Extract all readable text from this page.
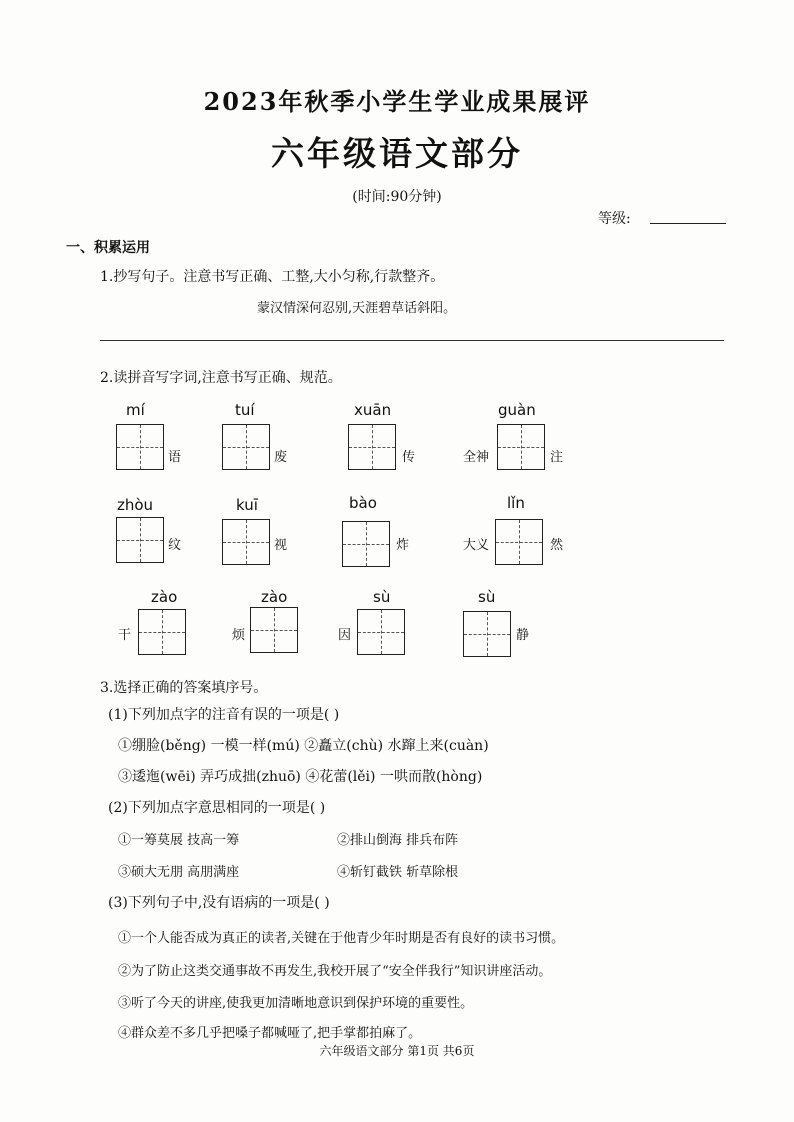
2023年秋季小学生学业成果展评
六年级语文部分
(时间:90分钟)
等级:
一、积累运用
1.抄写句子。注意书写正确、工整,大小匀称,行款整齐。
蒙汉情深何忍别,天涯碧草话斜阳。
2.读拼音写字词,注意书写正确、规范。
mí
语
tuí
废
xuān
传
guàn
全神	注
zhòu
纹
kuī
视
bào
炸
lǐn
大义	然
zào
干
zào
烦
sù
因
sù
静
3.选择正确的答案填序号。
(1)下列加点字的注音有误的一项是( )
①绷脸(běng) 一模一样(mú) ②矗立(chù) 水蹿上来(cuàn)
③逶迤(wēi) 弄巧成拙(zhuō) ④花蕾(lěi) 一哄而散(hòng)
(2)下列加点字意思相同的一项是( )
①一筹莫展 技高一筹	②排山倒海 排兵布阵
③硕大无朋 高朋满座	④斩钉截铁 斩草除根
(3)下列句子中,没有语病的一项是( )
①一个人能否成为真正的读者,关键在于他青少年时期是否有良好的读书习惯。
②为了防止这类交通事故不再发生,我校开展了“安全伴我行”知识讲座活动。
③听了今天的讲座,使我更加清晰地意识到保护环境的重要性。
④群众差不多几乎把嗓子都喊哑了,把手掌都拍麻了。
六年级语文部分 第1页 共6页
